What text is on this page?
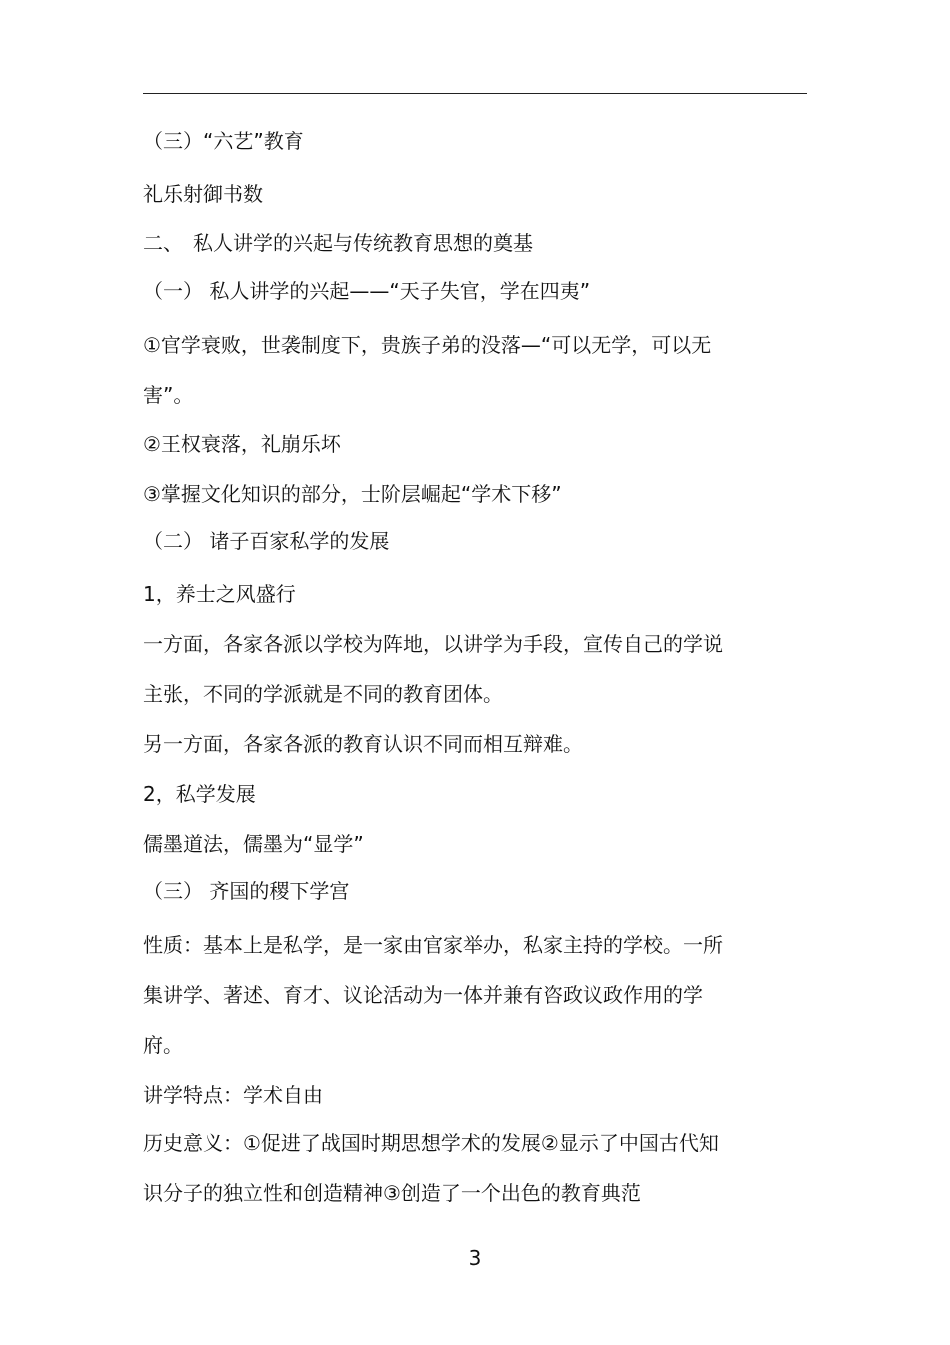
（三）“六艺”教育
礼乐射御书数
二、　私人讲学的兴起与传统教育思想的奠基
（一） 私人讲学的兴起——“天子失官，学在四夷”
①官学衰败，世袭制度下，贵族子弟的没落—“可以无学，可以无
害”。
②王权衰落，礼崩乐坏
③掌握文化知识的部分，士阶层崛起“学术下移”
（二） 诸子百家私学的发展
1，养士之风盛行
一方面，各家各派以学校为阵地，以讲学为手段，宣传自己的学说
主张，不同的学派就是不同的教育团体。
另一方面，各家各派的教育认识不同而相互辩难。
2，私学发展
儒墨道法，儒墨为“显学”
（三） 齐国的稷下学宫
性质：基本上是私学，是一家由官家举办，私家主持的学校。一所
集讲学、著述、育才、议论活动为一体并兼有咨政议政作用的学
府。
讲学特点：学术自由
历史意义：①促进了战国时期思想学术的发展②显示了中国古代知
识分子的独立性和创造精神③创造了一个出色的教育典范
3
